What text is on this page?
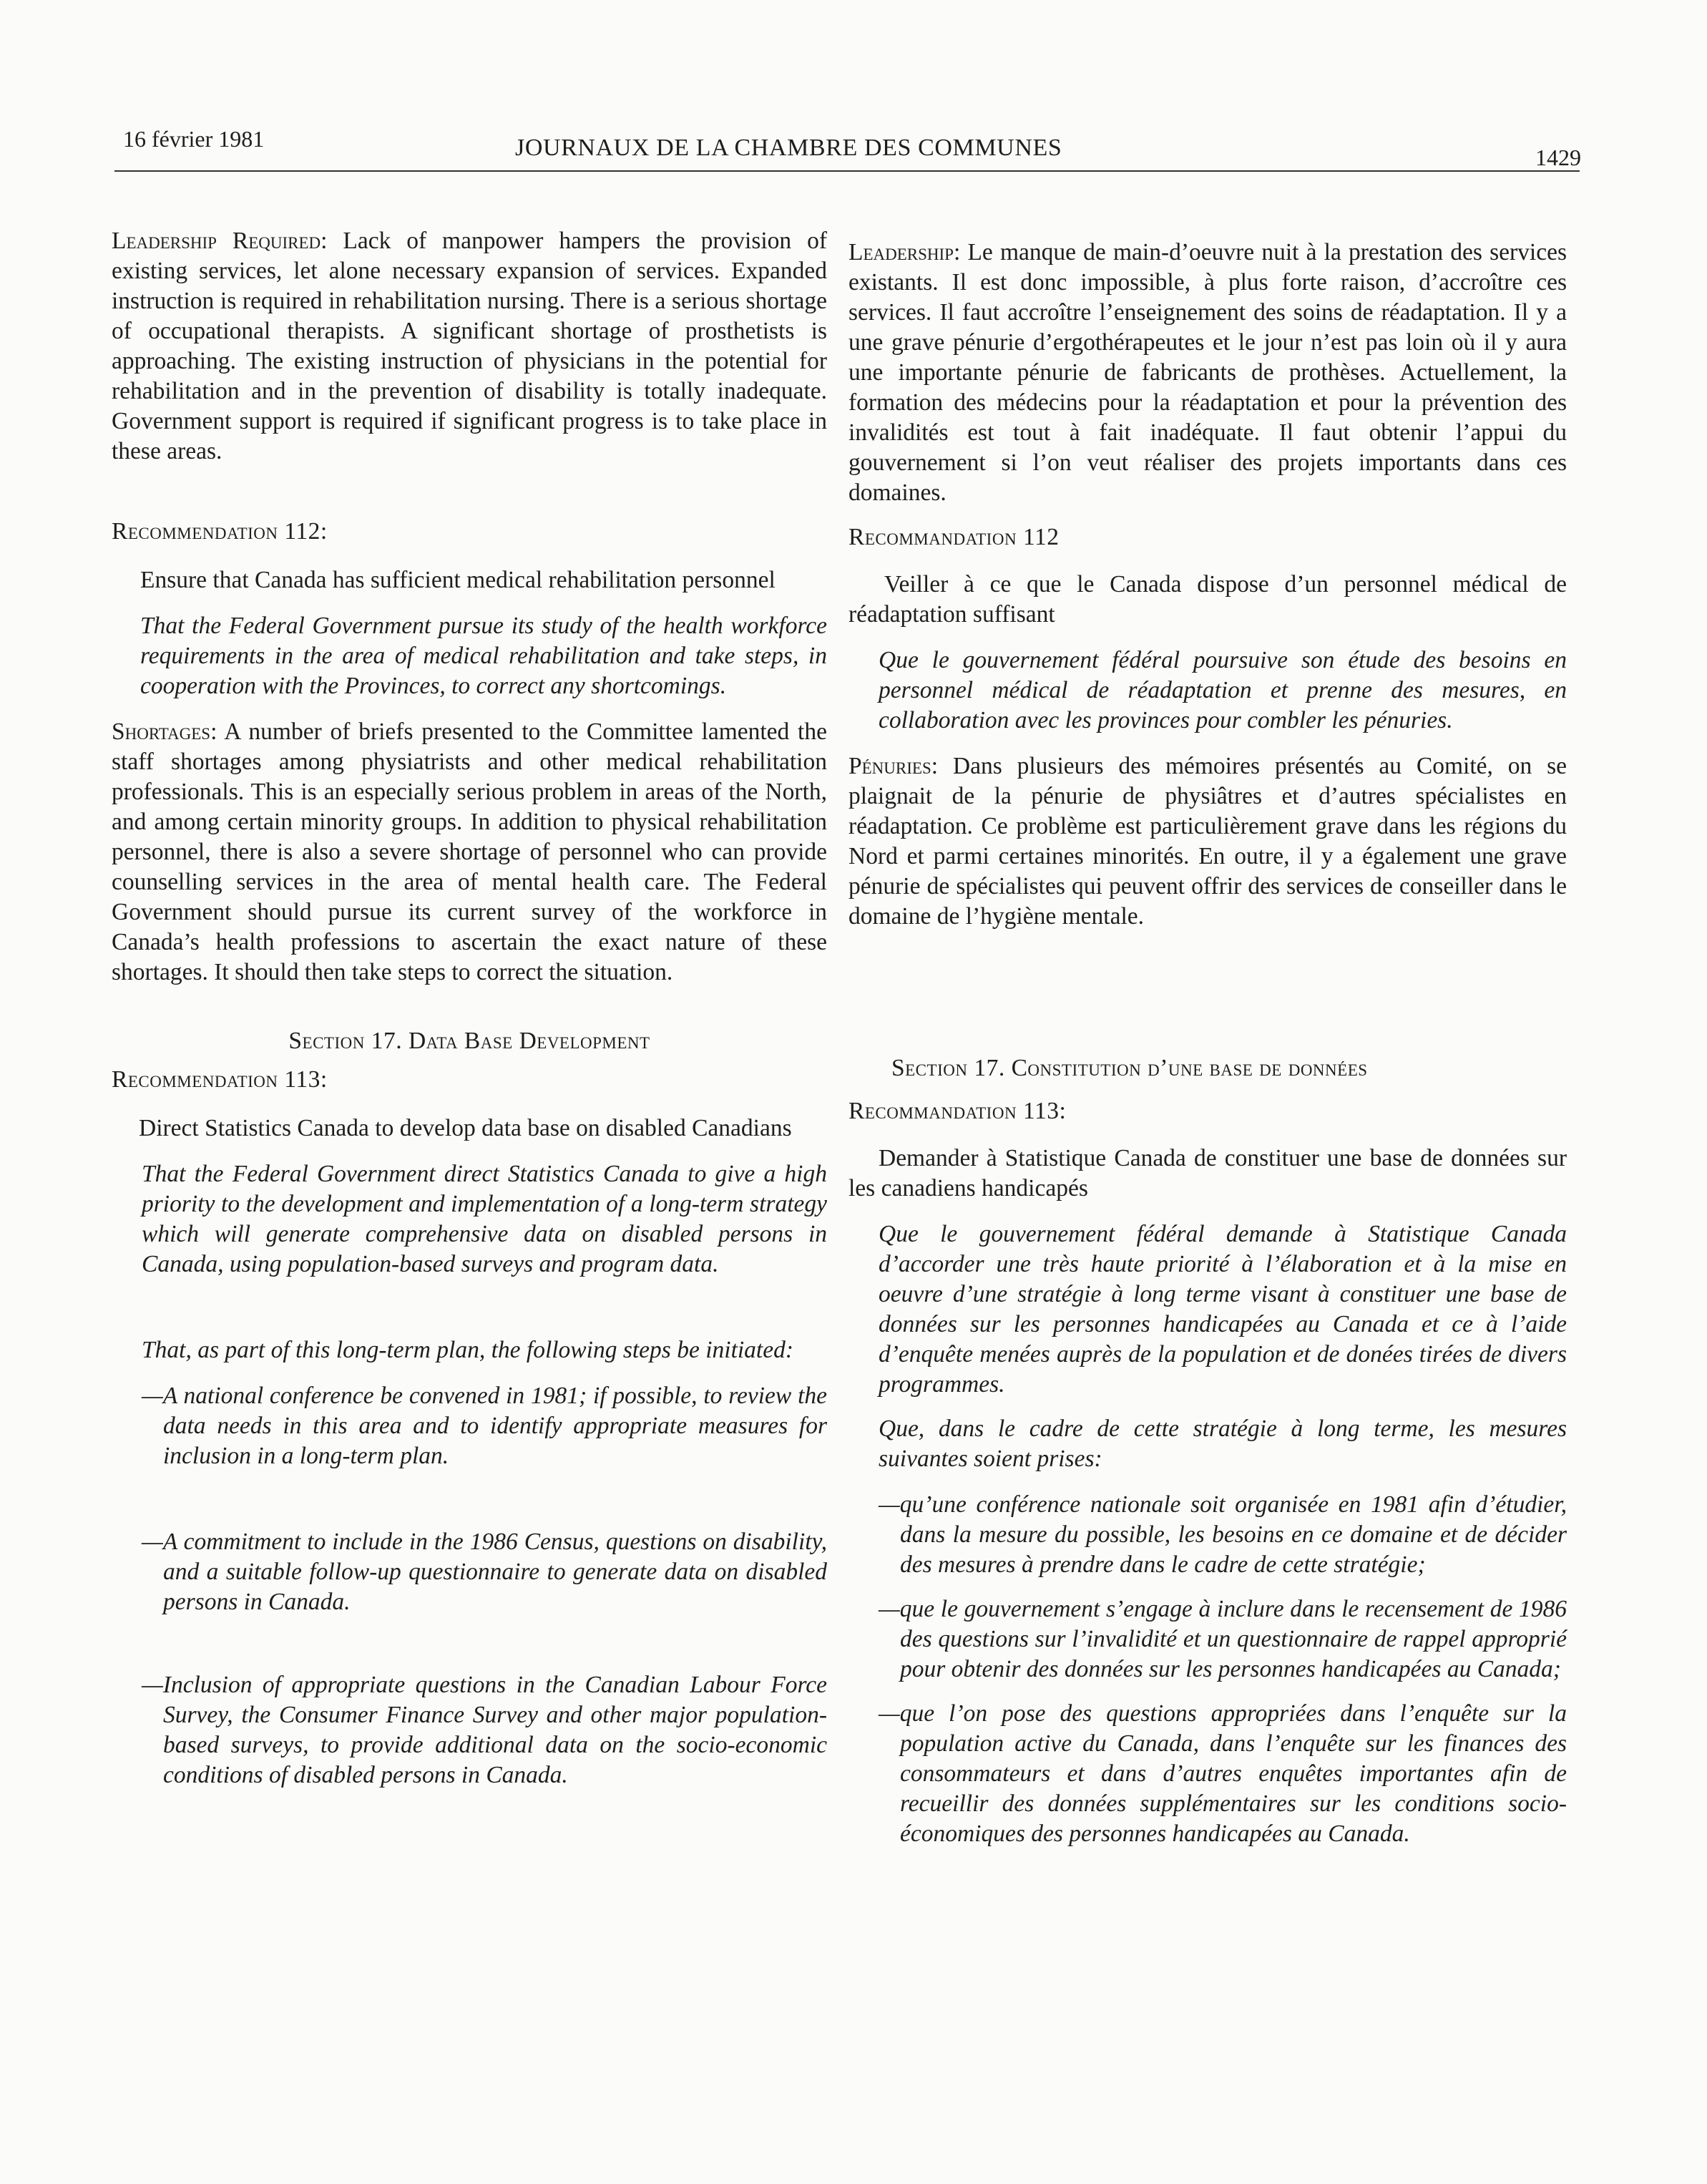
16 février 1981	JOURNAUX DE LA CHAMBRE DES COMMUNES	1429

Leadership Required: Lack of manpower hampers the provision of existing services, let alone necessary expansion of services. Expanded instruction is required in rehabilitation nursing. There is a serious shortage of occupational therapists. A significant shortage of prosthetists is approaching. The existing instruction of physicians in the potential for rehabilitation and in the prevention of disability is totally inadequate. Government support is required if significant progress is to take place in these areas.

Recommendation 112:

Ensure that Canada has sufficient medical rehabilitation personnel

That the Federal Government pursue its study of the health workforce requirements in the area of medical rehabilitation and take steps, in cooperation with the Provinces, to correct any shortcomings.

Shortages: A number of briefs presented to the Committee lamented the staff shortages among physiatrists and other medical rehabilitation professionals. This is an especially serious problem in areas of the North, and among certain minority groups. In addition to physical rehabilitation personnel, there is also a severe shortage of personnel who can provide counselling services in the area of mental health care. The Federal Government should pursue its current survey of the workforce in Canada’s health professions to ascertain the exact nature of these shortages. It should then take steps to correct the situation.

Section 17. Data Base Development

Recommendation 113:

Direct Statistics Canada to develop data base on disabled Canadians

That the Federal Government direct Statistics Canada to give a high priority to the development and implementation of a long-term strategy which will generate comprehensive data on disabled persons in Canada, using population-based surveys and program data.

That, as part of this long-term plan, the following steps be initiated:

—A national conference be convened in 1981; if possible, to review the data needs in this area and to identify appropriate measures for inclusion in a long-term plan.

—A commitment to include in the 1986 Census, questions on disability, and a suitable follow-up questionnaire to generate data on disabled persons in Canada.

—Inclusion of appropriate questions in the Canadian Labour Force Survey, the Consumer Finance Survey and other major population-based surveys, to provide additional data on the socio-economic conditions of disabled persons in Canada.

Leadership: Le manque de main-d’oeuvre nuit à la prestation des services existants. Il est donc impossible, à plus forte raison, d’accroître ces services. Il faut accroître l’enseignement des soins de réadaptation. Il y a une grave pénurie d’ergothérapeutes et le jour n’est pas loin où il y aura une importante pénurie de fabricants de prothèses. Actuellement, la formation des médecins pour la réadaptation et pour la prévention des invalidités est tout à fait inadéquate. Il faut obtenir l’appui du gouvernement si l’on veut réaliser des projets importants dans ces domaines.

Recommandation 112

Veiller à ce que le Canada dispose d’un personnel médical de réadaptation suffisant

Que le gouvernement fédéral poursuive son étude des besoins en personnel médical de réadaptation et prenne des mesures, en collaboration avec les provinces pour combler les pénuries.

Pénuries: Dans plusieurs des mémoires présentés au Comité, on se plaignait de la pénurie de physiâtres et d’autres spécialistes en réadaptation. Ce problème est particulièrement grave dans les régions du Nord et parmi certaines minorités. En outre, il y a également une grave pénurie de spécialistes qui peuvent offrir des services de conseiller dans le domaine de l’hygiène mentale.

Section 17. Constitution d’une base de données

Recommandation 113:

Demander à Statistique Canada de constituer une base de données sur les canadiens handicapés

Que le gouvernement fédéral demande à Statistique Canada d’accorder une très haute priorité à l’élaboration et à la mise en oeuvre d’une stratégie à long terme visant à constituer une base de données sur les personnes handicapées au Canada et ce à l’aide d’enquête menées auprès de la population et de donées tirées de divers programmes.

Que, dans le cadre de cette stratégie à long terme, les mesures suivantes soient prises:

—qu’une conférence nationale soit organisée en 1981 afin d’étudier, dans la mesure du possible, les besoins en ce domaine et de décider des mesures à prendre dans le cadre de cette stratégie;

—que le gouvernement s’engage à inclure dans le recensement de 1986 des questions sur l’invalidité et un questionnaire de rappel approprié pour obtenir des données sur les personnes handicapées au Canada;

—que l’on pose des questions appropriées dans l’enquête sur la population active du Canada, dans l’enquête sur les finances des consommateurs et dans d’autres enquêtes importantes afin de recueillir des données supplémentaires sur les conditions socio-économiques des personnes handicapées au Canada.
